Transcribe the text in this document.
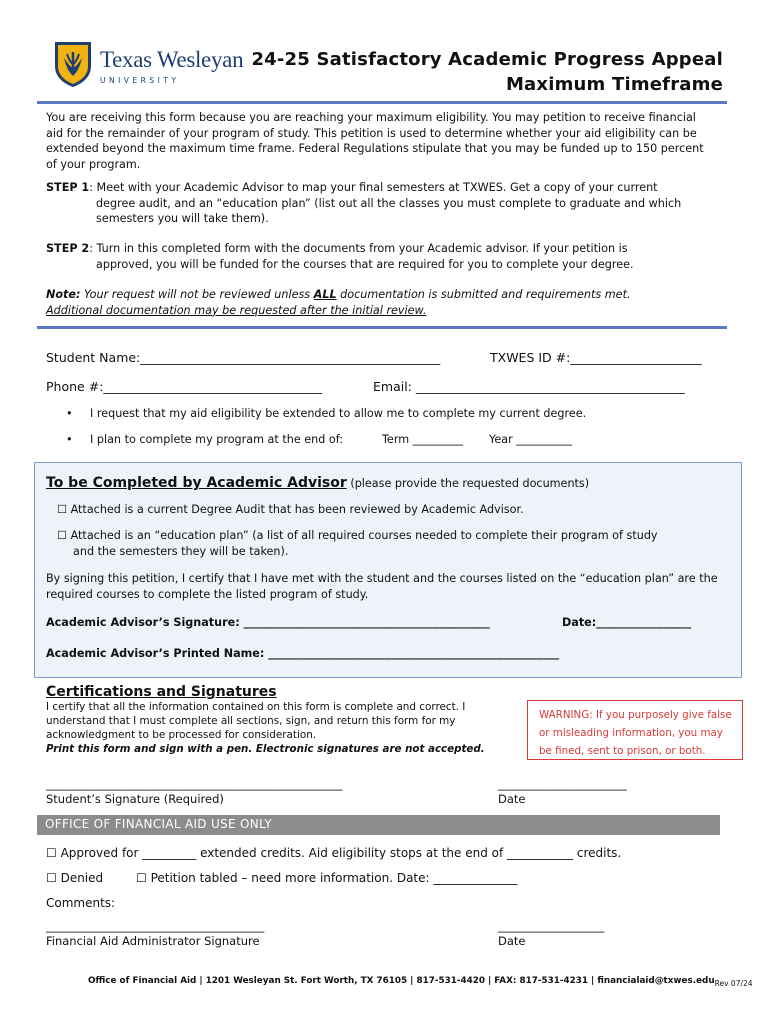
Texas Wesleyan
UNIVERSITY
24-25 Satisfactory Academic Progress Appeal
Maximum Timeframe
You are receiving this form because you are reaching your maximum eligibility. You may petition to receive financial aid for the remainder of your program of study. This petition is used to determine whether your aid eligibility can be extended beyond the maximum time frame. Federal Regulations stipulate that you may be funded up to 150 percent of your program.
STEP 1: Meet with your Academic Advisor to map your final semesters at TXWES. Get a copy of your current
degree audit, and an “education plan” (list out all the classes you must complete to graduate and which semesters you will take them).
STEP 2: Turn in this completed form with the documents from your Academic advisor. If your petition is
approved, you will be funded for the courses that are required for you to complete your degree.
Note: Your request will not be reviewed unless ALL documentation is submitted and requirements met.
Additional documentation may be requested after the initial review.
Student Name:________________________________________________	TXWES ID #:_____________________
Phone #:___________________________________	Email: ___________________________________________
• I request that my aid eligibility be extended to allow me to complete my current degree.
• I plan to complete my program at the end of:	Term _________ Year __________
To be Completed by Academic Advisor (please provide the requested documents)
☐ Attached is a current Degree Audit that has been reviewed by Academic Advisor.
☐ Attached is an “education plan” (a list of all required courses needed to complete their program of study
and the semesters they will be taken).
By signing this petition, I certify that I have met with the student and the courses listed on the “education plan” are the required courses to complete the listed program of study.
Academic Advisor’s Signature: ____________________________________________	Date:_________________
Academic Advisor’s Printed Name: ____________________________________________________
Certifications and Signatures
I certify that all the information contained on this form is complete and correct. I understand that I must complete all sections, sign, and return this form for my acknowledgment to be processed for consideration.
Print this form and sign with a pen. Electronic signatures are not accepted.
WARNING: If you purposely give false or misleading information, you may be fined, sent to prison, or both.
_____________________________________________________
Student’s Signature (Required)
_______________________
Date
OFFICE OF FINANCIAL AID USE ONLY
☐ Approved for _________ extended credits. Aid eligibility stops at the end of ___________ credits.
☐ Denied	☐ Petition tabled – need more information. Date: ______________
Comments:
_______________________________________
Financial Aid Administrator Signature
___________________
Date
Office of Financial Aid | 1201 Wesleyan St. Fort Worth, TX 76105 | 817-531-4420 | FAX: 817-531-4231 | financialaid@txwes.eduRev 07/24
